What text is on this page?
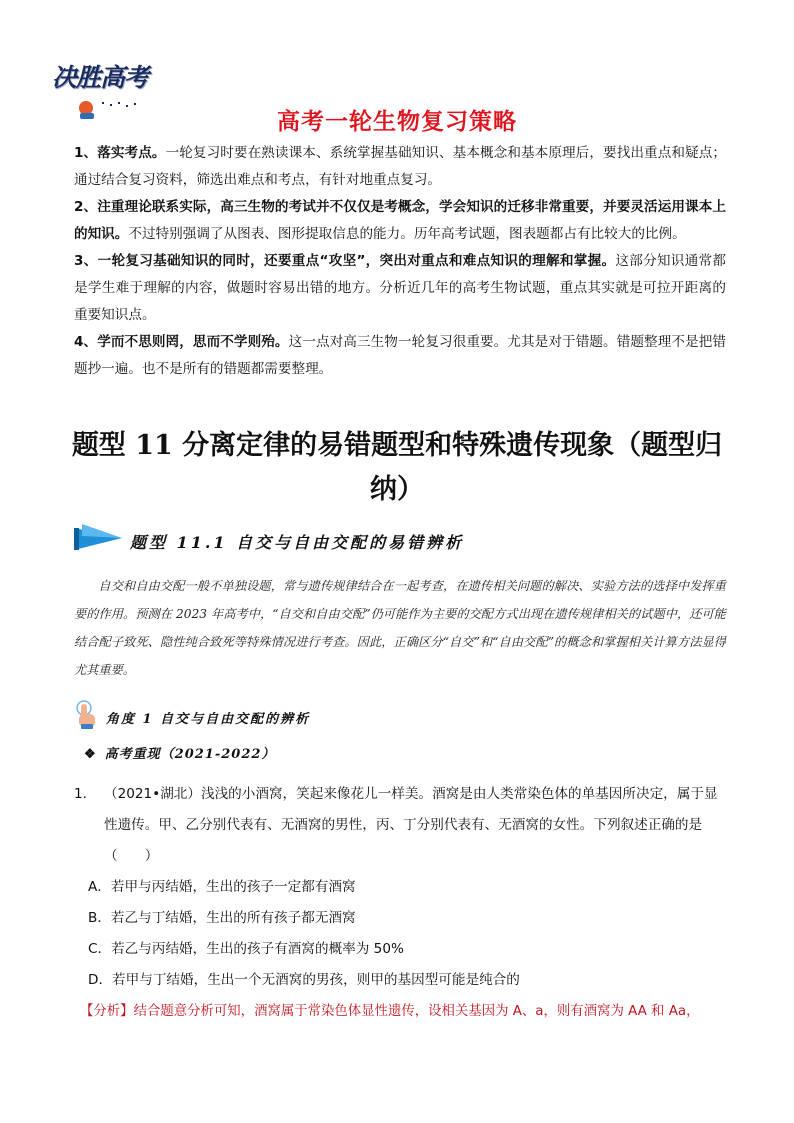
决胜高考
高考一轮生物复习策略

1、落实考点。一轮复习时要在熟读课本、系统掌握基础知识、基本概念和基本原理后，要找出重点和疑点；通过结合复习资料，筛选出难点和考点，有针对地重点复习。

2、注重理论联系实际，高三生物的考试并不仅仅是考概念，学会知识的迁移非常重要，并要灵活运用课本上的知识。不过特别强调了从图表、图形提取信息的能力。历年高考试题，图表题都占有比较大的比例。

3、一轮复习基础知识的同时，还要重点“攻坚”，突出对重点和难点知识的理解和掌握。这部分知识通常都是学生难于理解的内容，做题时容易出错的地方。分析近几年的高考生物试题，重点其实就是可拉开距离的重要知识点。

4、学而不思则罔，思而不学则殆。这一点对高三生物一轮复习很重要。尤其是对于错题。错题整理不是把错题抄一遍。也不是所有的错题都需要整理。

题型 11 分离定律的易错题型和特殊遗传现象（题型归纳）
题型 11.1 自交与自由交配的易错辨析
自交和自由交配一般不单独设题，常与遗传规律结合在一起考查，在遗传相关问题的解决、实验方法的选择中发挥重要的作用。预测在 2023 年高考中，“自交和自由交配”仍可能作为主要的交配方式出现在遗传规律相关的试题中，还可能结合配子致死、隐性纯合致死等特殊情况进行考查。因此，正确区分“自交”和“自由交配”的概念和掌握相关计算方法显得尤其重要。
角度 1 自交与自由交配的辨析
❖ 高考重现（2021-2022）
1. （2021•湖北）浅浅的小酒窝，笑起来像花儿一样美。酒窝是由人类常染色体的单基因所决定，属于显性遗传。甲、乙分别代表有、无酒窝的男性，丙、丁分别代表有、无酒窝的女性。下列叙述正确的是
（　　）
A．若甲与丙结婚，生出的孩子一定都有酒窝
B．若乙与丁结婚，生出的所有孩子都无酒窝
C．若乙与丙结婚，生出的孩子有酒窝的概率为 50%
D．若甲与丁结婚，生出一个无酒窝的男孩，则甲的基因型可能是纯合的
【分析】结合题意分析可知，酒窝属于常染色体显性遗传，设相关基因为 A、a，则有酒窝为 AA 和 Aa，
